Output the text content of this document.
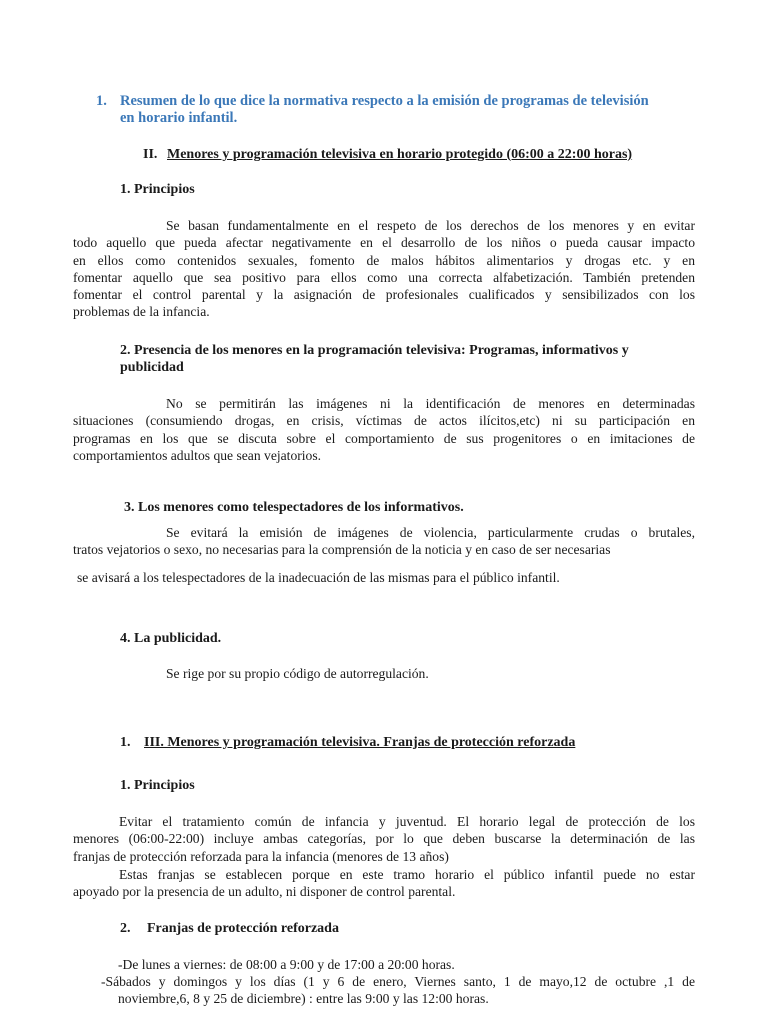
1. Resumen de lo que dice la normativa respecto a la emisión de programas de televisión
en horario infantil.
II. Menores y programación televisiva en horario protegido (06:00 a 22:00 horas)
1. Principios
Se basan fundamentalmente en el respeto de los derechos de los menores y en evitar
todo aquello que pueda afectar negativamente en el desarrollo de los niños o pueda causar impacto
en ellos como contenidos sexuales, fomento de malos hábitos alimentarios y drogas etc. y en
fomentar aquello que sea positivo para ellos como una correcta alfabetización. También pretenden
fomentar el control parental y la asignación de profesionales cualificados y sensibilizados con los
problemas de la infancia.
2. Presencia de los menores en la programación televisiva: Programas, informativos y
publicidad
No se permitirán las imágenes ni la identificación de menores en determinadas
situaciones (consumiendo drogas, en crisis, víctimas de actos ilícitos,etc) ni su participación en
programas en los que se discuta sobre el comportamiento de sus progenitores o en imitaciones de
comportamientos adultos que sean vejatorios.
3. Los menores como telespectadores de los informativos.
Se evitará la emisión de imágenes de violencia, particularmente crudas o brutales,
tratos vejatorios o sexo, no necesarias para la comprensión de la noticia y en caso de ser necesarias
se avisará a los telespectadores de la inadecuación de las mismas para el público infantil.
4. La publicidad.
Se rige por su propio código de autorregulación.
1. III. Menores y programación televisiva. Franjas de protección reforzada
1. Principios
Evitar el tratamiento común de infancia y juventud. El horario legal de protección de los
menores (06:00-22:00) incluye ambas categorías, por lo que deben buscarse la determinación de las
franjas de protección reforzada para la infancia (menores de 13 años)
Estas franjas se establecen porque en este tramo horario el público infantil puede no estar
apoyado por la presencia de un adulto, ni disponer de control parental.
2. Franjas de protección reforzada
-De lunes a viernes: de 08:00 a 9:00 y de 17:00 a 20:00 horas.
-Sábados y domingos y los días (1 y 6 de enero, Viernes santo, 1 de mayo,12 de octubre ,1 de
noviembre,6, 8 y 25 de diciembre) : entre las 9:00 y las 12:00 horas.
